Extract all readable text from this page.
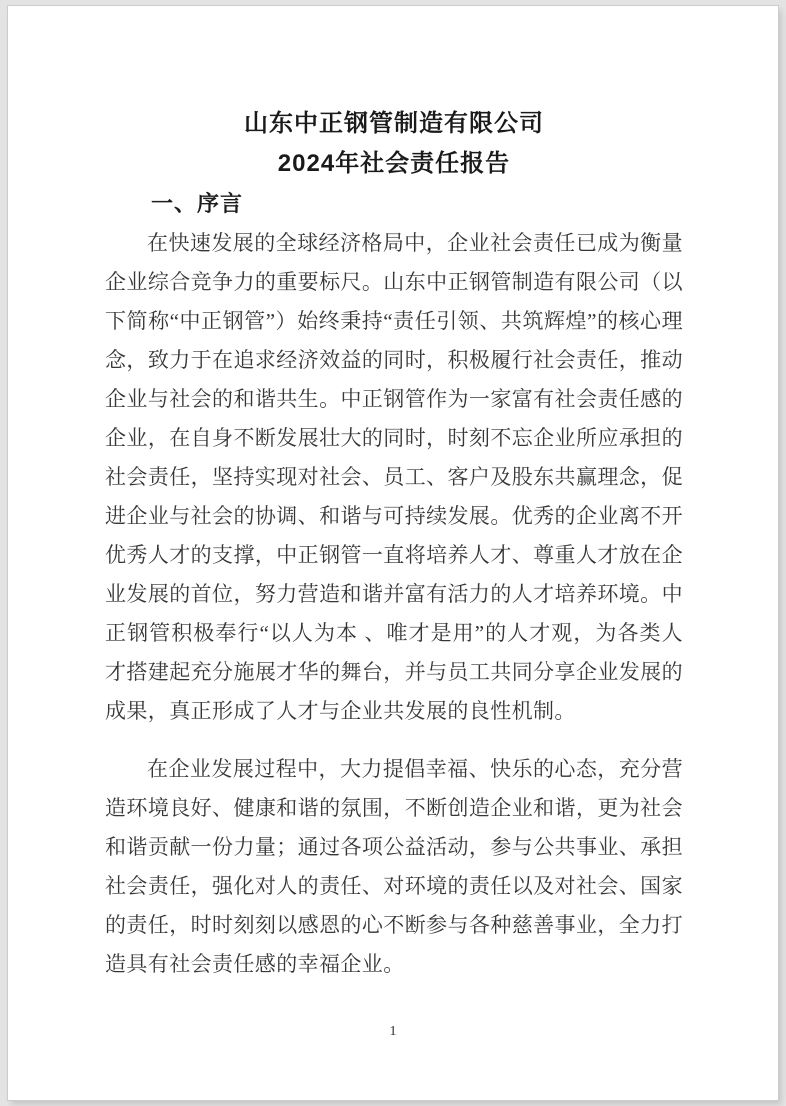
山东中正钢管制造有限公司
2024年社会责任报告
一、序言

在快速发展的全球经济格局中，企业社会责任已成为衡量企业综合竞争力的重要标尺。山东中正钢管制造有限公司（以下简称“中正钢管”）始终秉持“责任引领、共筑辉煌”的核心理念，致力于在追求经济效益的同时，积极履行社会责任，推动企业与社会的和谐共生。中正钢管作为一家富有社会责任感的企业，在自身不断发展壮大的同时，时刻不忘企业所应承担的社会责任，坚持实现对社会、员工、客户及股东共赢理念，促进企业与社会的协调、和谐与可持续发展。优秀的企业离不开优秀人才的支撑，中正钢管一直将培养人才、尊重人才放在企业发展的首位，努力营造和谐并富有活力的人才培养环境。中正钢管积极奉行“以人为本 、唯才是用”的人才观，为各类人才搭建起充分施展才华的舞台，并与员工共同分享企业发展的成果，真正形成了人才与企业共发展的良性机制。

在企业发展过程中，大力提倡幸福、快乐的心态，充分营造环境良好、健康和谐的氛围，不断创造企业和谐，更为社会和谐贡献一份力量；通过各项公益活动，参与公共事业、承担社会责任，强化对人的责任、对环境的责任以及对社会、国家的责任，时时刻刻以感恩的心不断参与各种慈善事业，全力打造具有社会责任感的幸福企业。

1
